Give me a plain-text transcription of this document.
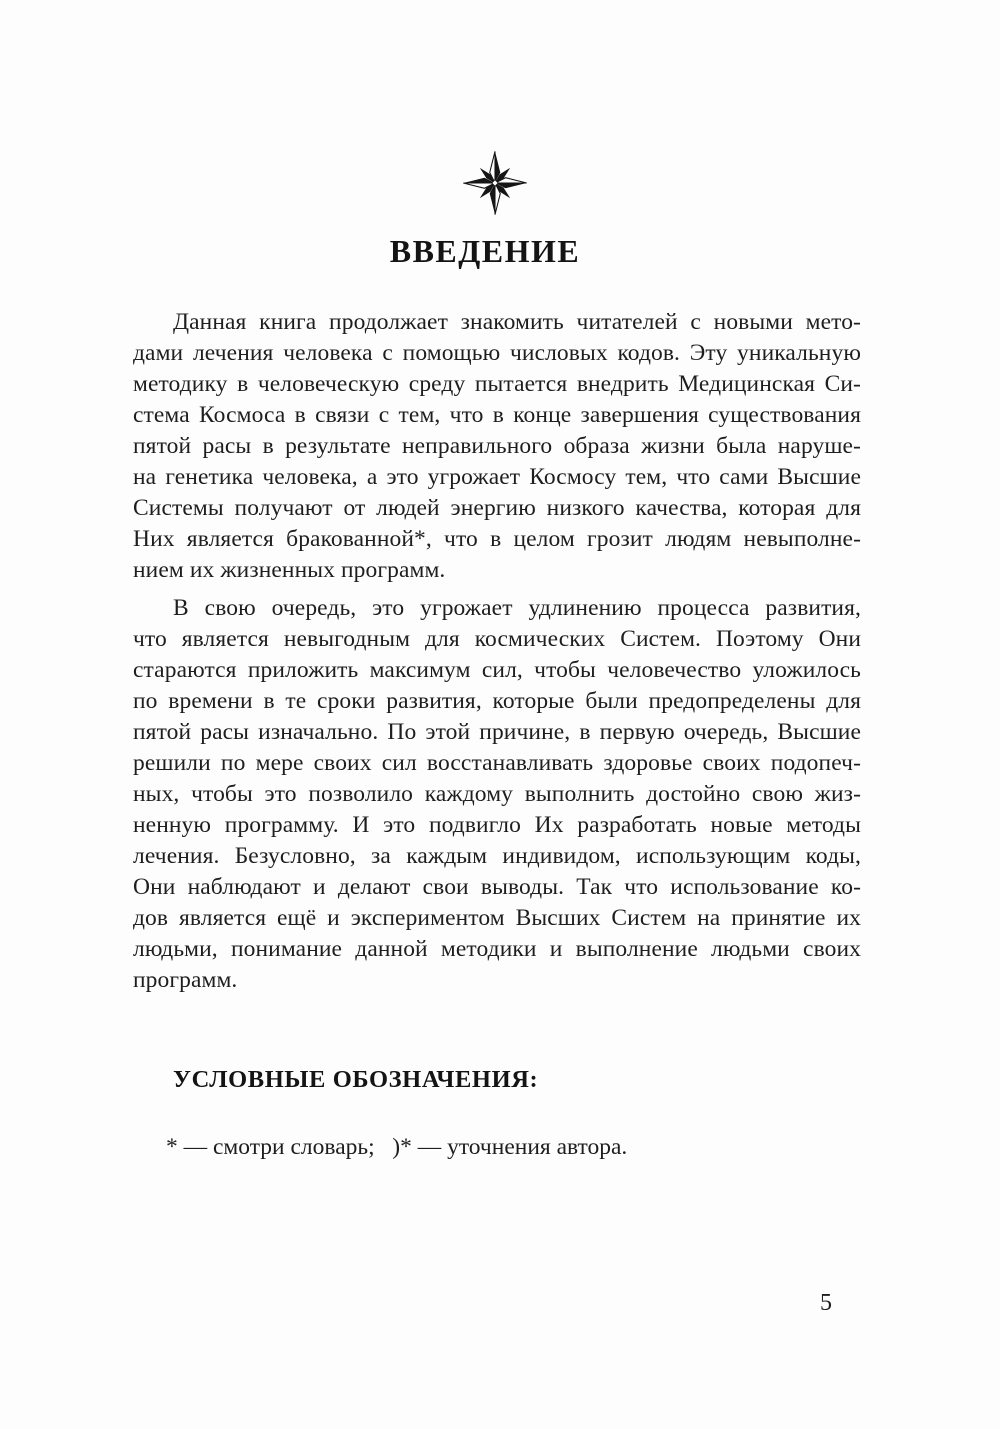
ВВЕДЕНИЕ
Данная книга продолжает знакомить читателей с новыми мето-
дами лечения человека с помощью числовых кодов. Эту уникальную
методику в человеческую среду пытается внедрить Медицинская Си-
стема Космоса в связи с тем, что в конце завершения существования
пятой расы в результате неправильного образа жизни была наруше-
на генетика человека, а это угрожает Космосу тем, что сами Высшие
Системы получают от людей энергию низкого качества, которая для
Них является бракованной*, что в целом грозит людям невыполне-
нием их жизненных программ.
В свою очередь, это угрожает удлинению процесса развития,
что является невыгодным для космических Систем. Поэтому Они
стараются приложить максимум сил, чтобы человечество уложилось
по времени в те сроки развития, которые были предопределены для
пятой расы изначально. По этой причине, в первую очередь, Высшие
решили по мере своих сил восстанавливать здоровье своих подопеч-
ных, чтобы это позволило каждому выполнить достойно свою жиз-
ненную программу. И это подвигло Их разработать новые методы
лечения. Безусловно, за каждым индивидом, использующим коды,
Они наблюдают и делают свои выводы. Так что использование ко-
дов является ещё и экспериментом Высших Систем на принятие их
людьми, понимание данной методики и выполнение людьми своих
программ.
УСЛОВНЫЕ ОБОЗНАЧЕНИЯ:
* — смотри словарь;   )* — уточнения автора.
5
